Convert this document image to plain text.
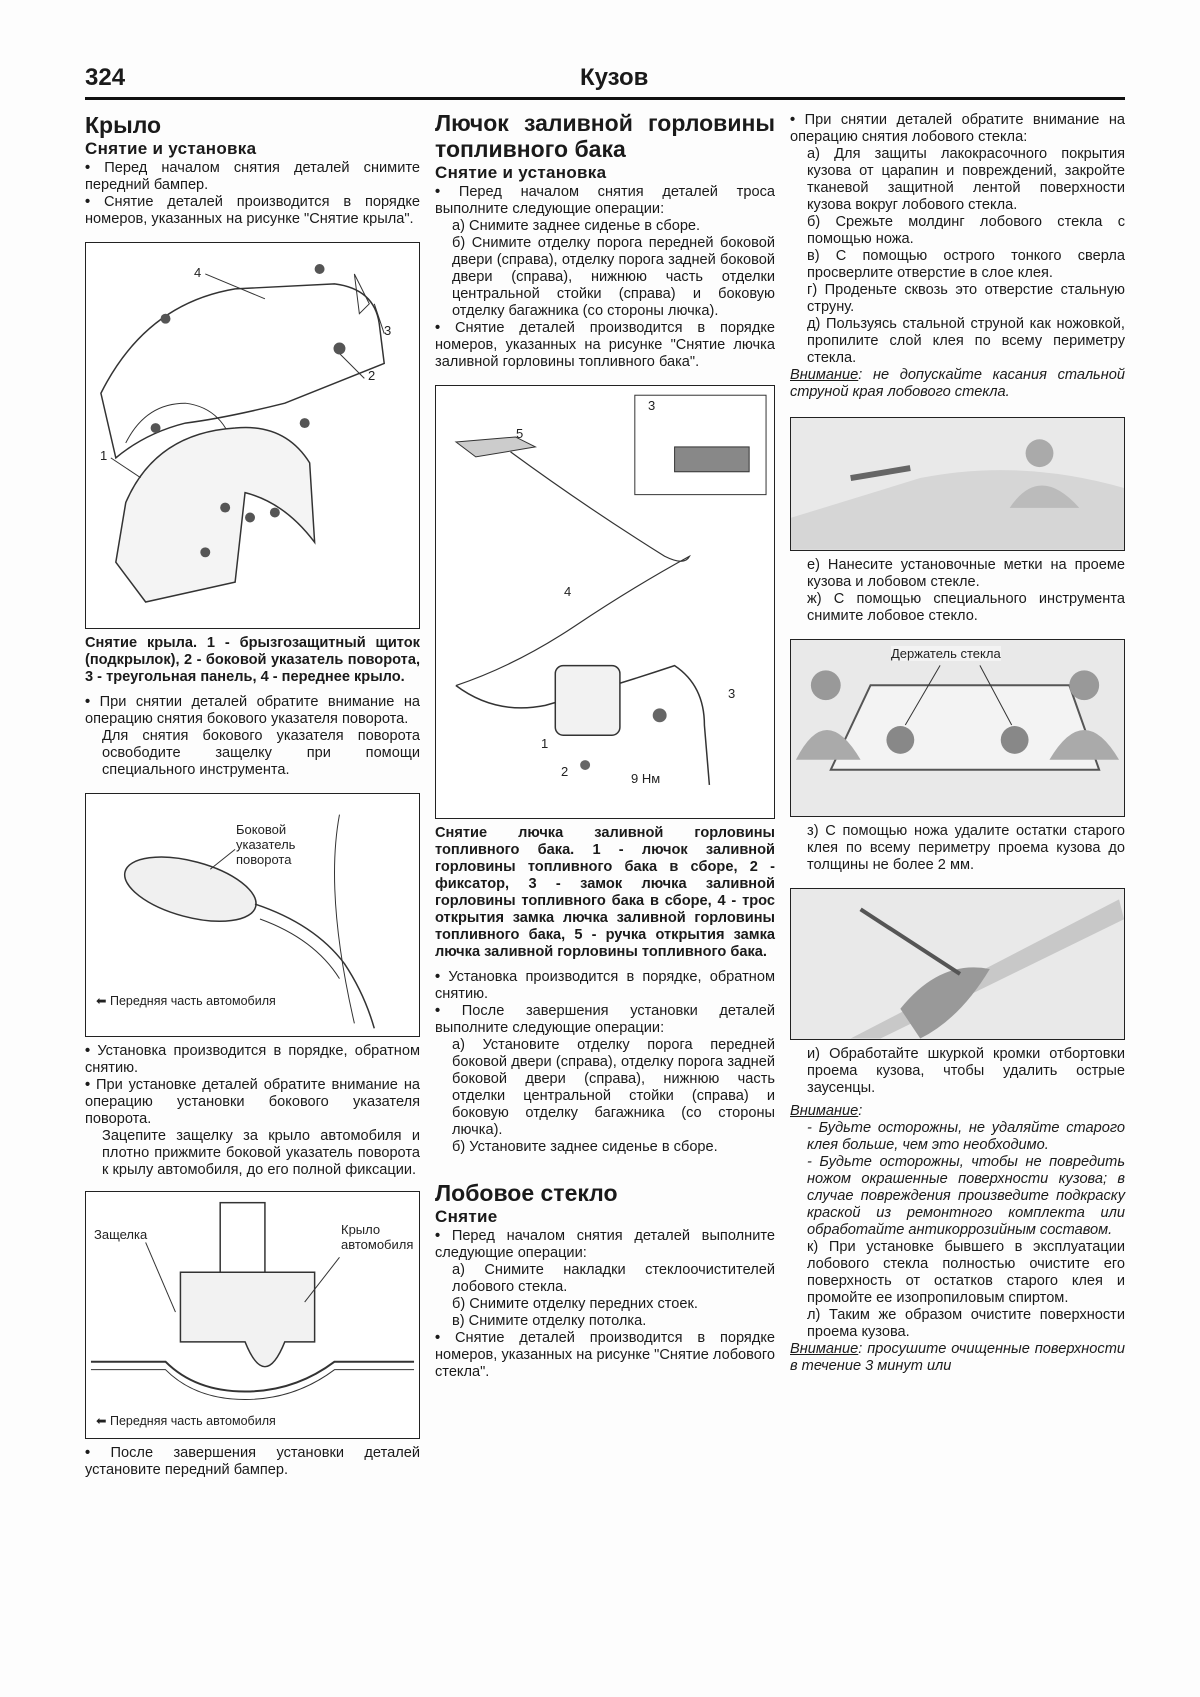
324	Кузов

Крыло

Снятие и установка

• Перед началом снятия деталей снимите передний бампер.

• Снятие деталей производится в порядке номеров, указанных на рисунке "Снятие крыла".

4
3
2
1

Снятие крыла. 1 - брызгозащитный щиток (подкрылок), 2 - боковой указатель поворота, 3 - треугольная панель, 4 - переднее крыло.

• При снятии деталей обратите внимание на операцию снятия бокового указателя поворота.

Для снятия бокового указателя поворота освободите защелку при помощи специального инструмента.

Боковой указатель поворота
⬅ Передняя часть автомобиля

• Установка производится в порядке, обратном снятию.

• При установке деталей обратите внимание на операцию установки бокового указателя поворота.

Зацепите защелку за крыло автомобиля и плотно прижмите боковой указатель поворота к крылу автомобиля, до его полной фиксации.

Защелка	Крыло автомобиля
⬅ Передняя часть автомобиля

• После завершения установки деталей установите передний бампер.

Лючок заливной горловины топливного бака

Снятие и установка

• Перед началом снятия деталей троса выполните следующие операции:

а) Снимите заднее сиденье в сборе.

б) Снимите отделку порога передней боковой двери (справа), отделку порога задней боковой двери (справа), нижнюю часть отделки центральной стойки (справа) и боковую отделку багажника (со стороны лючка).

• Снятие деталей производится в порядке номеров, указанных на рисунке "Снятие лючка заливной горловины топливного бака".

5
3
4
3
1
2	9 Нм

Снятие лючка заливной горловины топливного бака. 1 - лючок заливной горловины топливного бака в сборе, 2 - фиксатор, 3 - замок лючка заливной горловины топливного бака в сборе, 4 - трос открытия замка лючка заливной горловины топливного бака, 5 - ручка открытия замка лючка заливной горловины топливного бака.

• Установка производится в порядке, обратном снятию.

• После завершения установки деталей выполните следующие операции:

а) Установите отделку порога передней боковой двери (справа), отделку порога задней боковой двери (справа), нижнюю часть отделки центральной стойки (справа) и боковую отделку багажника (со стороны лючка).

б) Установите заднее сиденье в сборе.

Лобовое стекло

Снятие

• Перед началом снятия деталей выполните следующие операции:

а) Снимите накладки стеклоочистителей лобового стекла.

б) Снимите отделку передних стоек.

в) Снимите отделку потолка.

• Снятие деталей производится в порядке номеров, указанных на рисунке "Снятие лобового стекла".

• При снятии деталей обратите внимание на операцию снятия лобового стекла:

а) Для защиты лакокрасочного покрытия кузова от царапин и повреждений, закройте тканевой защитной лентой поверхности кузова вокруг лобового стекла.

б) Срежьте молдинг лобового стекла с помощью ножа.

в) С помощью острого тонкого сверла просверлите отверстие в слое клея.

г) Проденьте сквозь это отверстие стальную струну.

д) Пользуясь стальной струной как ножовкой, пропилите слой клея по всему периметру стекла.

Внимание: не допускайте касания стальной струной края лобового стекла.

е) Нанесите установочные метки на проеме кузова и лобовом стекле.

ж) С помощью специального инструмента снимите лобовое стекло.

Держатель стекла

з) С помощью ножа удалите остатки старого клея по всему периметру проема кузова до толщины не более 2 мм.

и) Обработайте шкуркой кромки отбортовки проема кузова, чтобы удалить острые заусенцы.

Внимание:

- Будьте осторожны, не удаляйте старого клея больше, чем это необходимо.

- Будьте осторожны, чтобы не повредить ножом окрашенные поверхности кузова; в случае повреждения произведите подкраску краской из ремонтного комплекта или обработайте антикоррозийным составом.

к) При установке бывшего в эксплуатации лобового стекла полностью очистите его поверхность от остатков старого клея и промойте ее изопропиловым спиртом.

л) Таким же образом очистите поверхности проема кузова.

Внимание: просушите очищенные поверхности в течение 3 минут или
